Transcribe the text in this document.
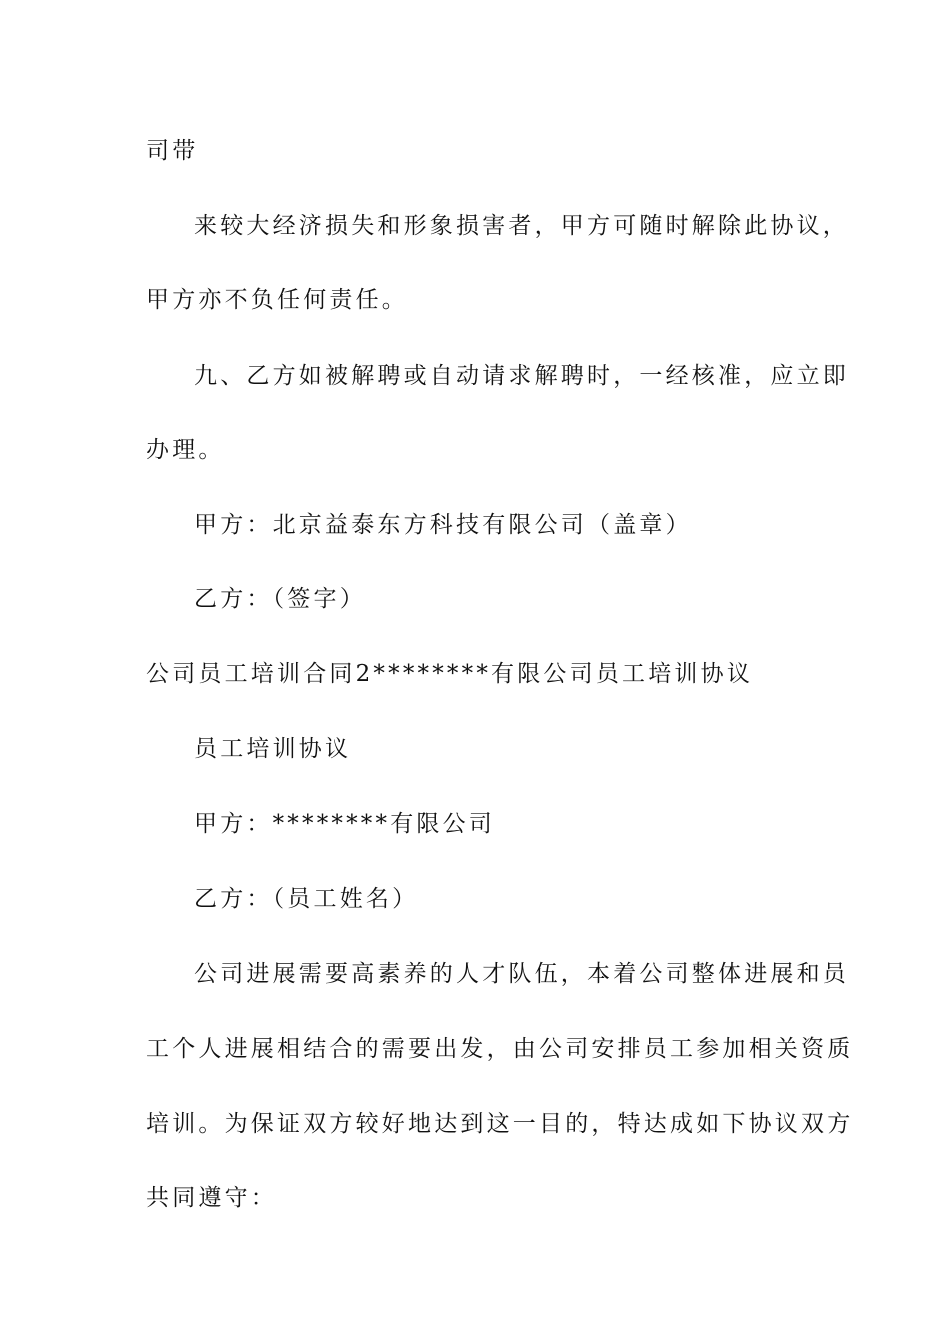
司带
来较大经济损失和形象损害者，甲方可随时解除此协议，
甲方亦不负任何责任。
九、乙方如被解聘或自动请求解聘时，一经核准，应立即
办理。
甲方：北京益泰东方科技有限公司（盖章）
乙方：（签字）
公司员工培训合同2********有限公司员工培训协议
员工培训协议
甲方：********有限公司
乙方：（员工姓名）
公司进展需要高素养的人才队伍，本着公司整体进展和员
工个人进展相结合的需要出发，由公司安排员工参加相关资质
培训。为保证双方较好地达到这一目的，特达成如下协议双方
共同遵守：
